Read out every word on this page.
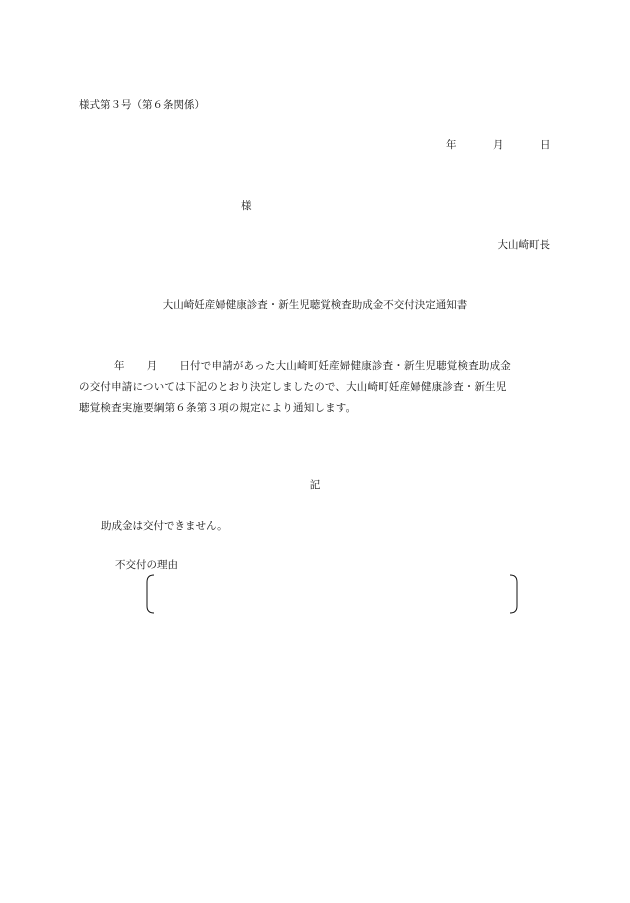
様式第３号（第６条関係）
年	月	日
様
大山崎町長
大山崎妊産婦健康診査・新生児聴覚検査助成金不交付決定通知書
年 月 日付で申請があった大山崎町妊産婦健康診査・新生児聴覚検査助成金
の交付申請については下記のとおり決定しましたので、大山崎町妊産婦健康診査・新生児
聴覚検査実施要綱第６条第３項の規定により通知します。
記
助成金は交付できません。
不交付の理由
